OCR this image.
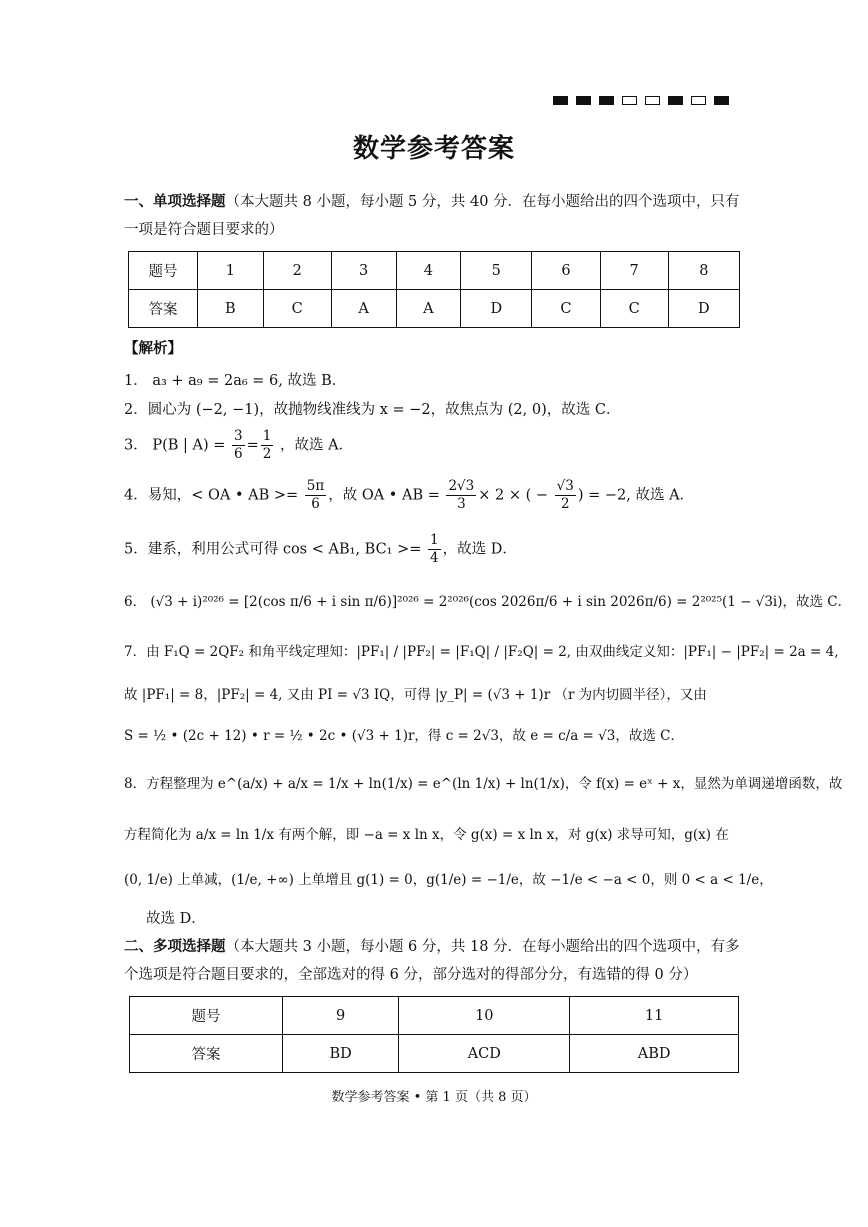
数学参考答案
一、单项选择题（本大题共 8 小题，每小题 5 分，共 40 分．在每小题给出的四个选项中，只有一项是符合题目要求的）
题号	1	2	3	4	5	6	7	8
答案	B	C	A	A	D	C	C	D
【解析】
1． a₃ + a₉ = 2a₆ = 6, 故选 B．
2．圆心为 (−2, −1)，故抛物线准线为 x = −2，故焦点为 (2, 0)，故选 C．
3． P(B | $A) = \frac{3}{6} = \frac{1}{2}$ ，故选 A．
4．易知，< OA • AB >= $\frac{5\pi}{6}$ ，故 OA • AB = $\frac{2√3}{3} \times 2$ × ( − $\frac{√3}{2}$ ) = −2, 故选 A．
5．建系，利用公式可得 cos < AB₁, $BC_1 >= \frac{1}{4}$ ，故选 D．
6． (√3 + i)²⁰²⁶ = [2(cos π/6 + i sin π/6)]²⁰²⁶ = 2²⁰²⁶(cos 2026π/6 + i sin 2026π/6) = 2²⁰²⁵(1 − √3i)，故选 C．
7．由 F₁Q = 2QF₂ 和角平线定理知：|PF₁| / |PF₂| = |F₁Q| / |F₂Q| = 2, 由双曲线定义知：|PF₁| − |PF₂| = 2a = 4,
故 |PF₁| = 8，|PF₂| = 4, 又由 PI = √3 IQ，可得 |y_P| = (√3 + 1)r （r 为内切圆半径），又由
S = ½ • (2c + 12) • r = ½ • 2c • (√3 + 1)r，得 c = 2√3，故 e = c/a = √3，故选 C．
8．方程整理为 e^(a/x) + a/x = 1/x + ln(1/x) = e^(ln 1/x) + ln(1/x)，令 f(x) = eˣ + x，显然为单调递增函数，故
方程简化为 a/x = ln 1/x 有两个解，即 −a = x ln x，令 g(x) = x ln x，对 g(x) 求导可知，g(x) 在
(0, 1/e) 上单减，(1/e, +∞) 上单增且 g(1) = 0，g(1/e) = −1/e，故 −1/e < −a < 0，则 0 < a < 1/e，
故选 D．
二、多项选择题（本大题共 3 小题，每小题 6 分，共 18 分．在每小题给出的四个选项中，有多个选项是符合题目要求的，全部选对的得 6 分，部分选对的得部分分，有选错的得 0 分）
题号	9	10	11
答案	BD	ACD	ABD
数学参考答案 • 第 1 页（共 8 页）
